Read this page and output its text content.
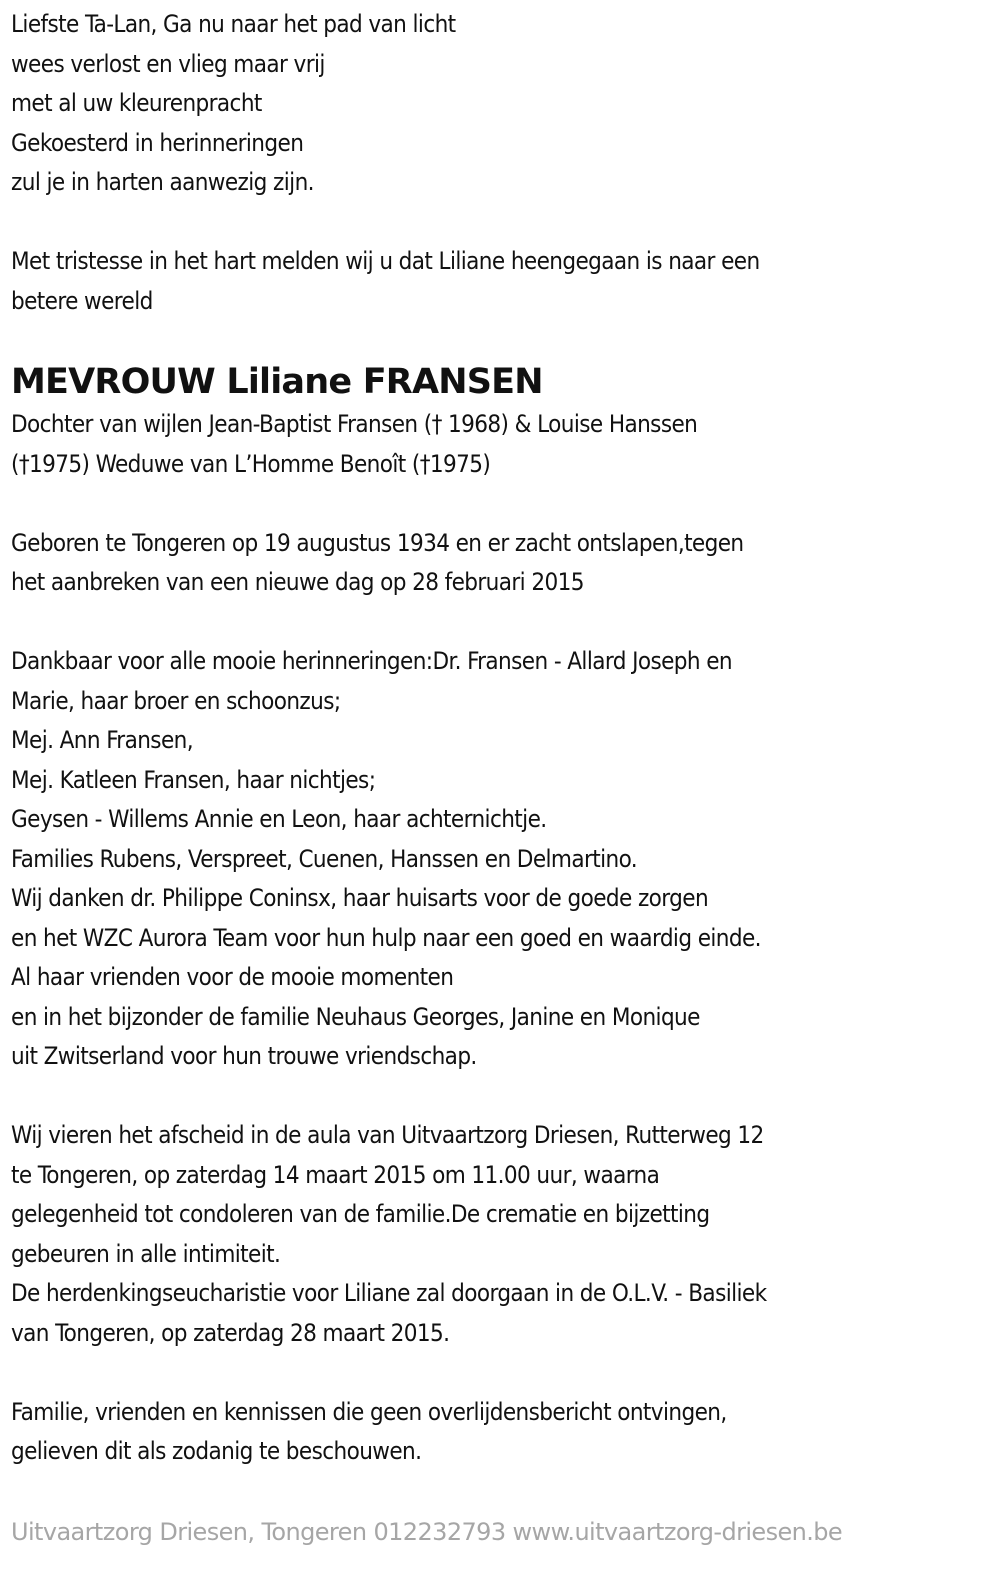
Liefste Ta-Lan, Ga nu naar het pad van licht
wees verlost en vlieg maar vrij
met al uw kleurenpracht
Gekoesterd in herinneringen
zul je in harten aanwezig zijn.
Met tristesse in het hart melden wij u dat Liliane heengegaan is naar een
betere wereld
MEVROUW Liliane FRANSEN
Dochter van wijlen Jean-Baptist Fransen († 1968) & Louise Hanssen
(†1975) Weduwe van L’Homme Benoît (†1975)
Geboren te Tongeren op 19 augustus 1934 en er zacht ontslapen,tegen
het aanbreken van een nieuwe dag op 28 februari 2015
Dankbaar voor alle mooie herinneringen:Dr. Fransen - Allard Joseph en
Marie, haar broer en schoonzus;
Mej. Ann Fransen,
Mej. Katleen Fransen, haar nichtjes;
Geysen - Willems Annie en Leon, haar achternichtje.
Families Rubens, Verspreet, Cuenen, Hanssen en Delmartino.
Wij danken dr. Philippe Coninsx, haar huisarts voor de goede zorgen
en het WZC Aurora Team voor hun hulp naar een goed en waardig einde.
Al haar vrienden voor de mooie momenten
en in het bijzonder de familie Neuhaus Georges, Janine en Monique
uit Zwitserland voor hun trouwe vriendschap.
Wij vieren het afscheid in de aula van Uitvaartzorg Driesen, Rutterweg 12
te Tongeren, op zaterdag 14 maart 2015 om 11.00 uur, waarna
gelegenheid tot condoleren van de familie.De crematie en bijzetting
gebeuren in alle intimiteit.
De herdenkingseucharistie voor Liliane zal doorgaan in de O.L.V. - Basiliek
van Tongeren, op zaterdag 28 maart 2015.
Familie, vrienden en kennissen die geen overlijdensbericht ontvingen,
gelieven dit als zodanig te beschouwen.
Uitvaartzorg Driesen, Tongeren 012232793 www.uitvaartzorg-driesen.be
